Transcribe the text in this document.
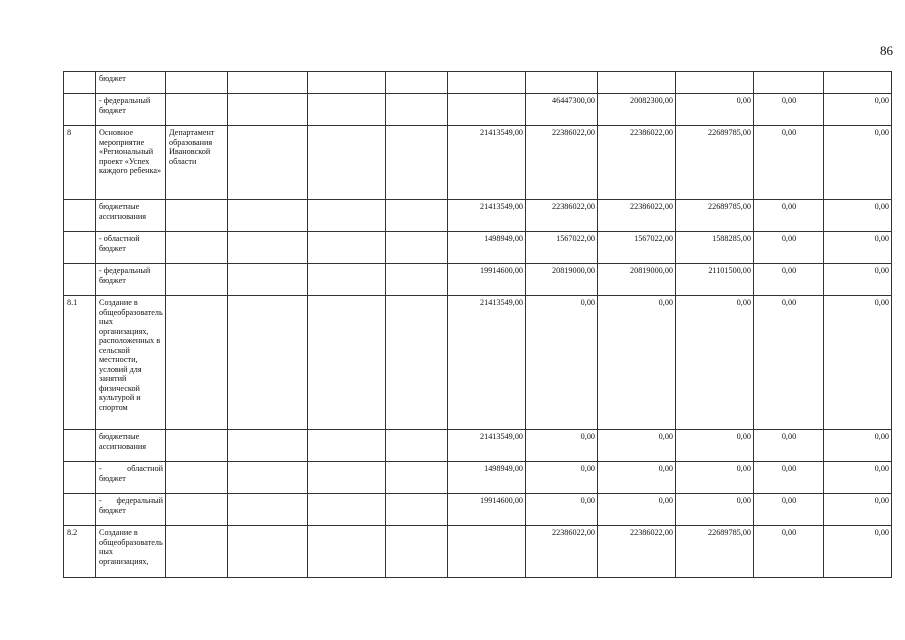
86
	бюджет										
	- федеральный бюджет						46447300,00	20082300,00	0,00	0,00	0,00
8	Основное мероприятие «Региональный проект «Успех каждого ребенка»	Департамент образования Ивановской области				21413549,00	22386022,00	22386022,00	22689785,00	0,00	0,00
	бюджетные ассигнования					21413549,00	22386022,00	22386022,00	22689785,00	0,00	0,00
	- областной бюджет					1498949,00	1567022,00	1567022,00	1588285,00	0,00	0,00
	- федеральный бюджет					19914600,00	20819000,00	20819000,00	21101500,00	0,00	0,00
8.1	Создание в общеобразовательных организациях, расположенных в сельской местности, условий для занятий физической культурой и спортом					21413549,00	0,00	0,00	0,00	0,00	0,00
	бюджетные ассигнования					21413549,00	0,00	0,00	0,00	0,00	0,00
	- областной бюджет					1498949,00	0,00	0,00	0,00	0,00	0,00
	- федеральный бюджет					19914600,00	0,00	0,00	0,00	0,00	0,00
8.2	Создание в общеобразовательных организациях,						22386022,00	22386022,00	22689785,00	0,00	0,00
